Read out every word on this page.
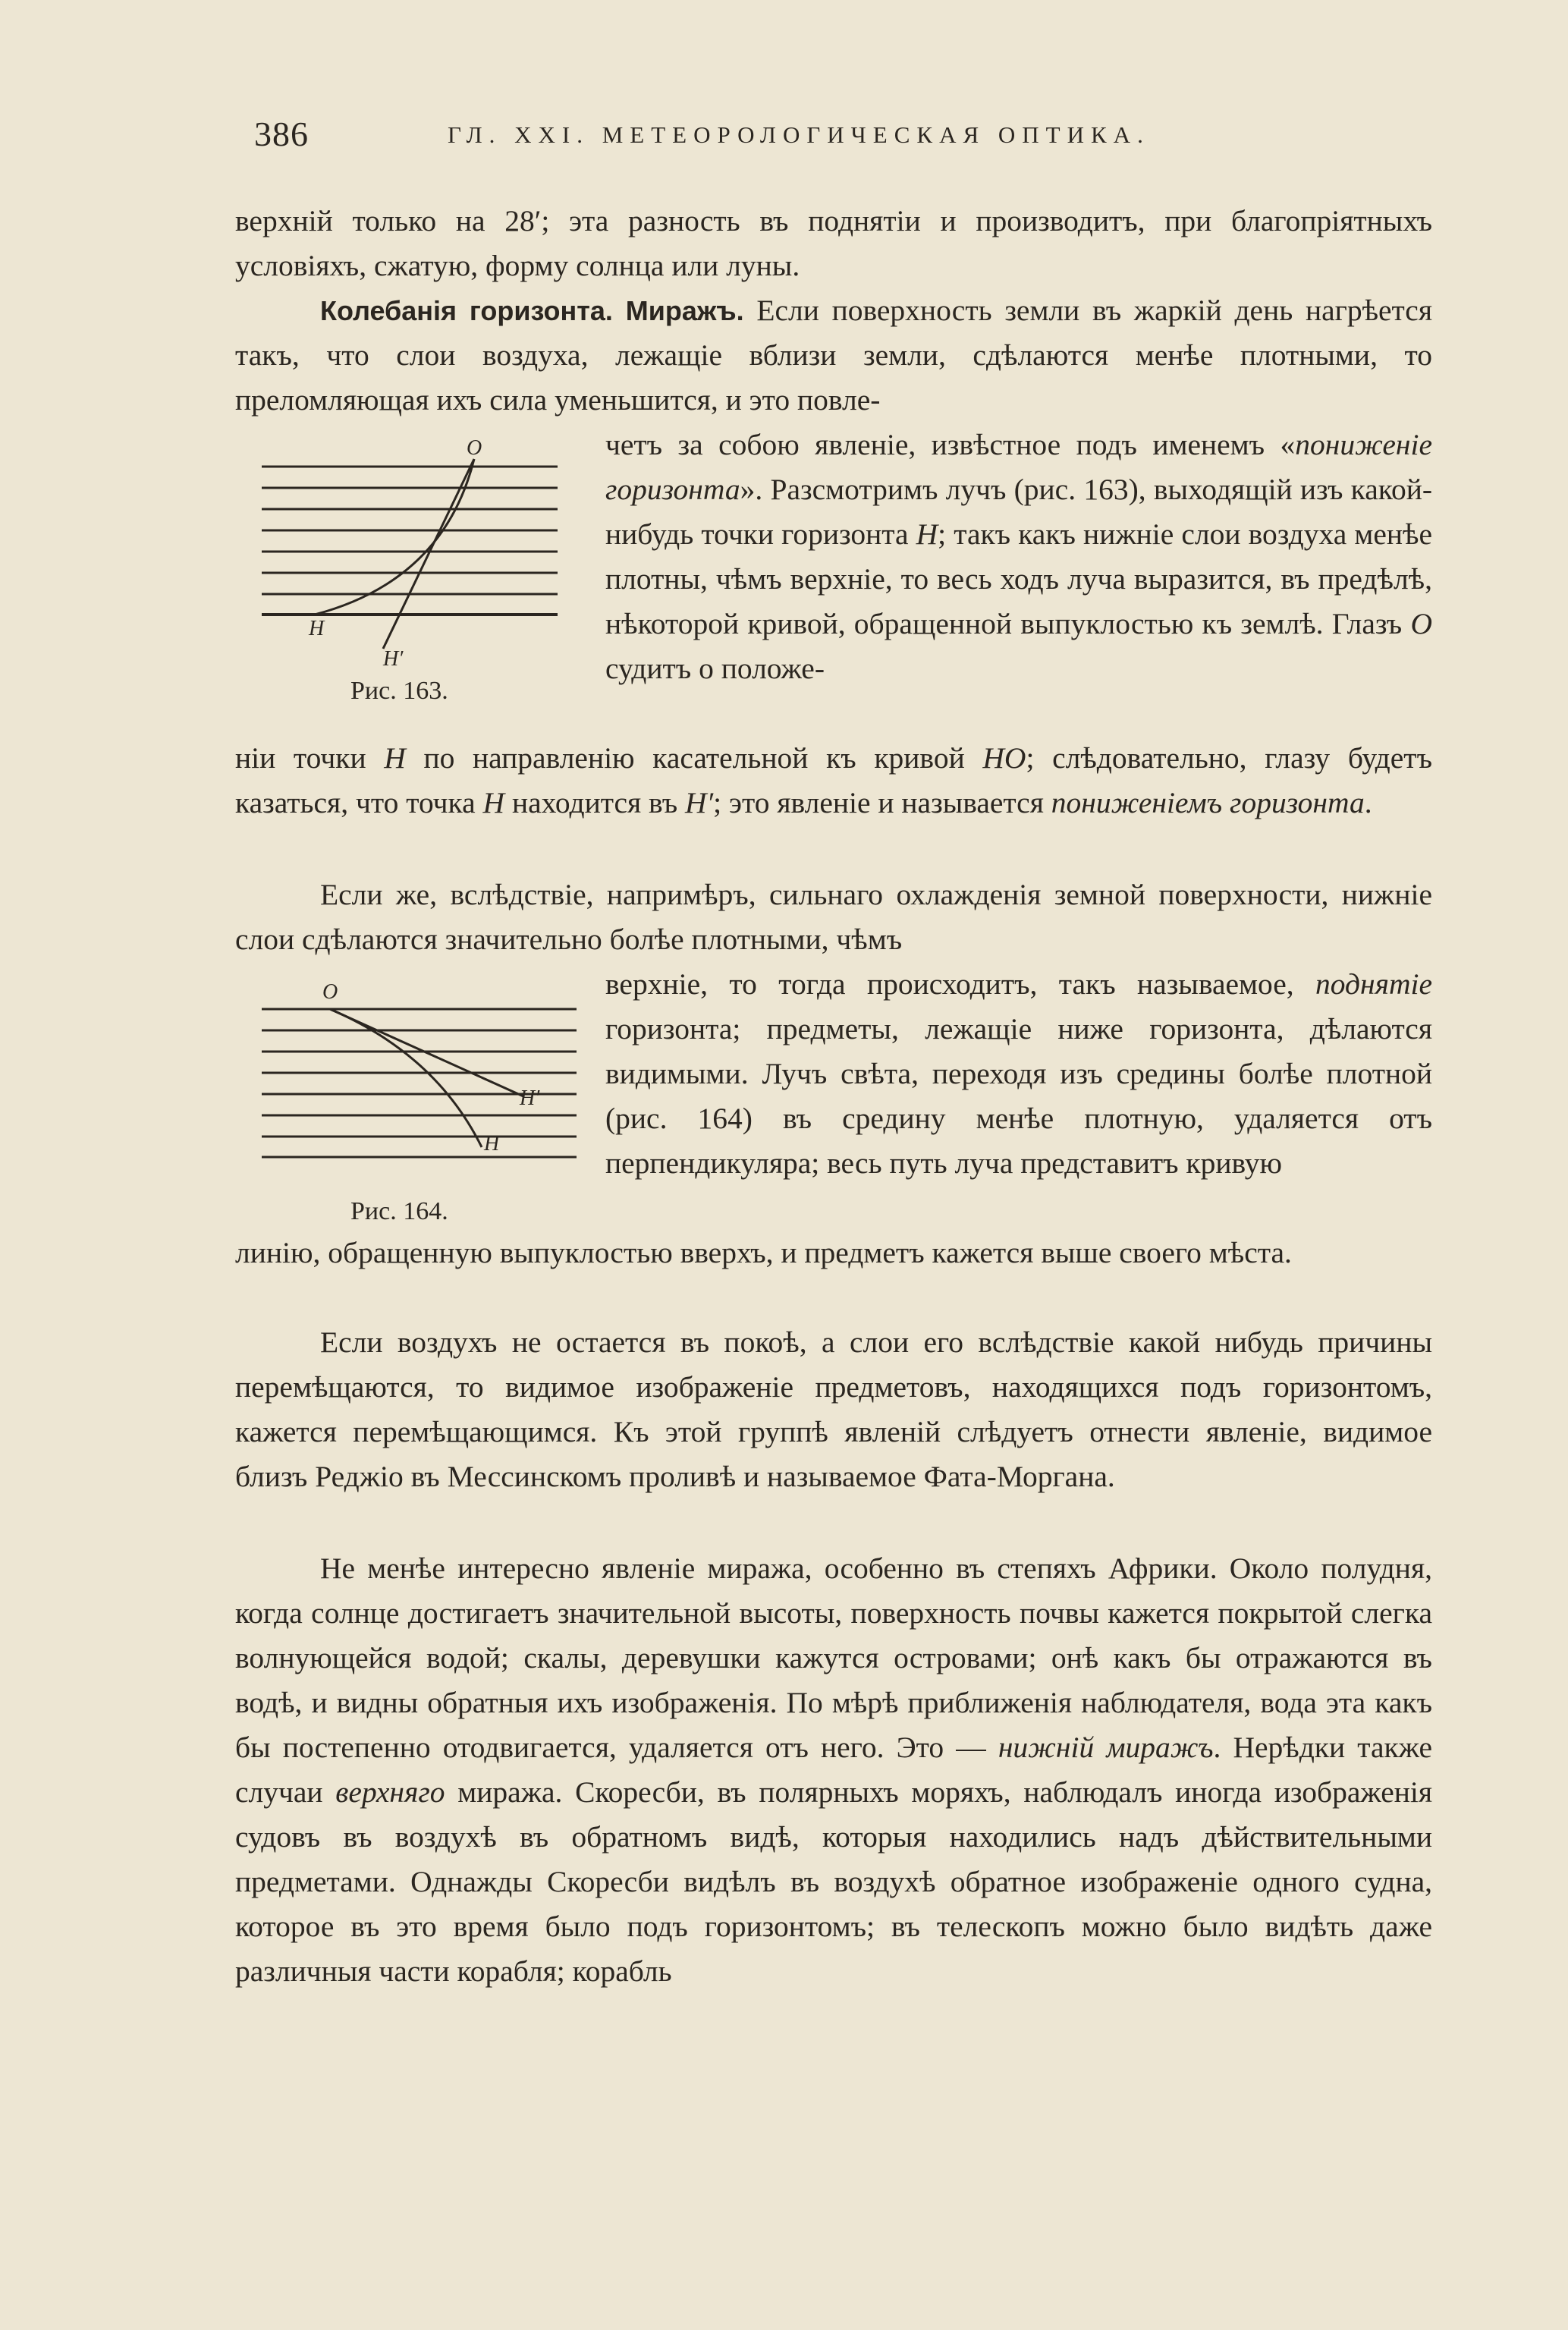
386	ГЛ. XXI. МЕТЕОРОЛОГИЧЕСКАЯ ОПТИКА.

верхній только на 28′; эта разность въ поднятіи и производитъ, при благопріятныхъ условіяхъ, сжатую, форму солнца или луны.

Колебанія горизонта. Миражъ. Если поверхность земли въ жаркій день нагрѣется такъ, что слои воздуха, лежащіе вблизи земли, сдѣлаются менѣе плотными, то преломляющая ихъ сила уменьшится, и это повле-

четъ за собою явленіе, извѣстное подъ именемъ «пониженіе горизонта». Разсмотримъ лучъ (рис. 163), выходящій изъ какой-нибудь точки горизонта H; такъ какъ нижніе слои воздуха менѣе плотны, чѣмъ верхніе, то весь ходъ луча выразится, въ предѣлѣ, нѣкоторой кривой, обращенной выпуклостью къ землѣ. Глазъ O судитъ о положе-

O
H
H′
Рис. 163.

ніи точки H по направленію касательной къ кривой HO; слѣдовательно, глазу будетъ казаться, что точка H находится въ H′; это явленіе и называется пониженіемъ горизонта.

Если же, вслѣдствіе, напримѣръ, сильнаго охлажденія земной поверхности, нижніе слои сдѣлаются значительно болѣе плотными, чѣмъ

верхніе, то тогда происходитъ, такъ называемое, поднятіе горизонта; предметы, лежащіе ниже горизонта, дѣлаются видимыми. Лучъ свѣта, переходя изъ средины болѣе плотной (рис. 164) въ средину менѣе плотную, удаляется отъ перпендикуляра; весь путь луча представитъ кривую

O
H′
H
Рис. 164.

линію, обращенную выпуклостью вверхъ, и предметъ кажется выше своего мѣста.

Если воздухъ не остается въ покоѣ, а слои его вслѣдствіе какой нибудь причины перемѣщаются, то видимое изображеніе предметовъ, находящихся подъ горизонтомъ, кажется перемѣщающимся. Къ этой группѣ явленій слѣдуетъ отнести явленіе, видимое близъ Реджіо въ Мессинскомъ проливѣ и называемое Фата-Моргана.

Не менѣе интересно явленіе миража, особенно въ степяхъ Африки. Около полудня, когда солнце достигаетъ значительной высоты, поверхность почвы кажется покрытой слегка волнующейся водой; скалы, деревушки кажутся островами; онѣ какъ бы отражаются въ водѣ, и видны обратныя ихъ изображенія. По мѣрѣ приближенія наблюдателя, вода эта какъ бы постепенно отодвигается, удаляется отъ него. Это — нижній миражъ. Нерѣдки также случаи верхняго миража. Скоресби, въ полярныхъ моряхъ, наблюдалъ иногда изображенія судовъ въ воздухѣ въ обратномъ видѣ, которыя находились надъ дѣйствительными предметами. Однажды Скоресби видѣлъ въ воздухѣ обратное изображеніе одного судна, которое въ это время было подъ горизонтомъ; въ телескопъ можно было видѣть даже различныя части корабля; корабль
